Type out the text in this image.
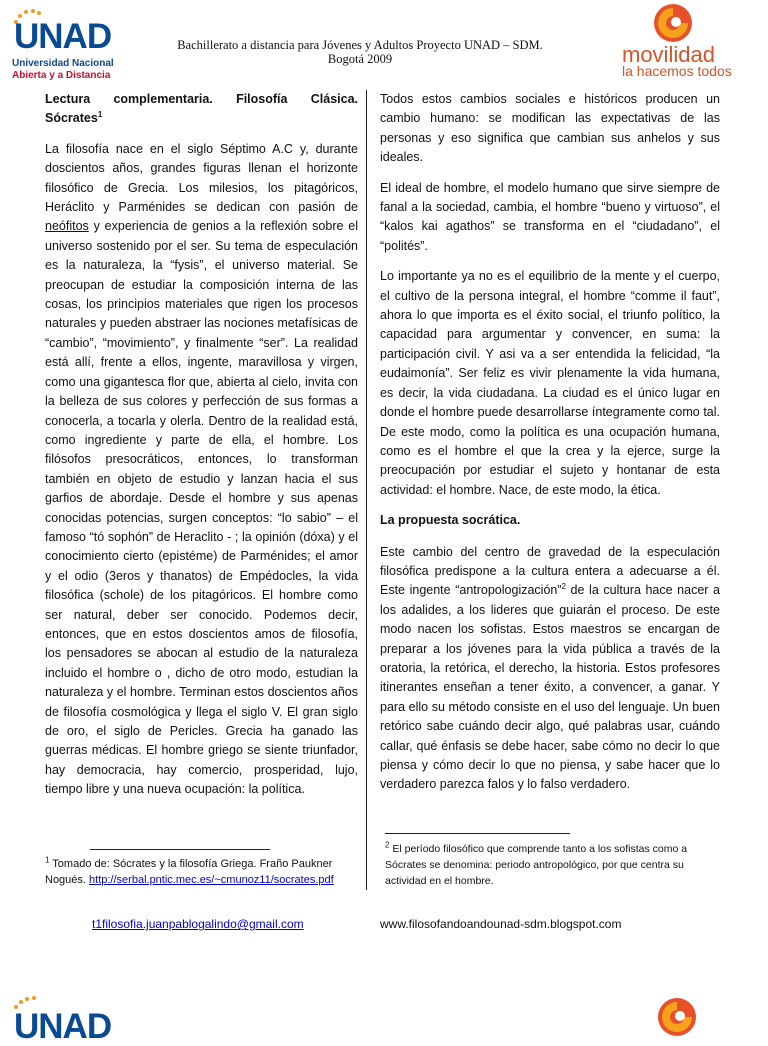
UNAD
Universidad Nacional
Abierta y a Distancia
Bachillerato a distancia para Jóvenes y Adultos Proyecto UNAD – SDM.
Bogotá 2009	movilidad
la hacemos todos
Lectura complementaria. Filosofía Clásica. Sócrates$^1$

La filosofía nace en el siglo Séptimo A.C y, durante doscientos años, grandes figuras llenan el horizonte filosófico de Grecia. Los milesios, los pitagóricos, Heráclito y Parménides se dedican con pasión de neófitos y experiencia de genios a la reflexión sobre el universo sostenido por el ser. Su tema de especulación es la naturaleza, la “fysis”, el universo material. Se preocupan de estudiar la composición interna de las cosas, los principios materiales que rigen los procesos naturales y pueden abstraer las nociones metafísicas de “cambio”, “movimiento”, y finalmente “ser”. La realidad está allí, frente a ellos, ingente, maravillosa y virgen, como una gigantesca flor que, abierta al cielo, invita con la belleza de sus colores y perfección de sus formas a conocerla, a tocarla y olerla. Dentro de la realidad está, como ingrediente y parte de ella, el hombre. Los filósofos presocráticos, entonces, lo transforman también en objeto de estudio y lanzan hacia el sus garfios de abordaje. Desde el hombre y sus apenas conocidas potencias, surgen conceptos: “lo sabio” – el famoso “tó sophón” de Heraclito - ; la opinión (dóxa) y el conocimiento cierto (epistéme) de Parménides; el amor y el odio (3eros y thanatos) de Empédocles, la vida filosófica (schole) de los pitagóricos. El hombre como ser natural, deber ser conocido. Podemos decir, entonces, que en estos doscientos amos de filosofía, los pensadores se abocan al estudio de la naturaleza incluido el hombre o , dicho de otro modo, estudian la naturaleza y el hombre. Terminan estos doscientos años de filosofía cosmológica y llega el siglo V. El gran siglo de oro, el siglo de Pericles. Grecia ha ganado las guerras médicas. El hombre griego se siente triunfador, hay democracia, hay comercio, prosperidad, lujo, tiempo libre y una nueva ocupación: la política.

Todos estos cambios sociales e históricos producen un cambio humano: se modifican las expectativas de las personas y eso significa que cambian sus anhelos y sus ideales.

El ideal de hombre, el modelo humano que sirve siempre de fanal a la sociedad, cambia, el hombre “bueno y virtuoso”, el “kalos kai agathos” se transforma en el “ciudadano”, el “polités”.

Lo importante ya no es el equilibrio de la mente y el cuerpo, el cultivo de la persona integral, el hombre “comme il faut”, ahora lo que importa es el éxito social, el triunfo político, la capacidad para argumentar y convencer, en suma: la participación civil. Y asi va a ser entendida la felicidad, “la eudaimonía”. Ser feliz es vivir plenamente la vida humana, es decir, la vida ciudadana. La ciudad es el único lugar en donde el hombre puede desarrollarse íntegramente como tal. De este modo, como la política es una ocupación humana, como es el hombre el que la crea y la ejerce, surge la preocupación por estudiar el sujeto y hontanar de esta actividad: el hombre. Nace, de este modo, la ética.

La propuesta socrática.

Este cambio del centro de gravedad de la especulación filosófica predispone a la cultura entera a adecuarse a él. Este ingente “antropologización”$^2$ de la cultura hace nacer a los adalides, a los lideres que guiarán el proceso. De este modo nacen los sofistas. Estos maestros se encargan de preparar a los jóvenes para la vida pública a través de la oratoria, la retórica, el derecho, la historia. Estos profesores itinerantes enseñan a tener éxito, a convencer, a ganar. Y para ello su método consiste en el uso del lenguaje. Un buen retórico sabe cuándo decir algo, qué palabras usar, cuándo callar, qué énfasis se debe hacer, sabe cómo no decir lo que piensa y cómo decir lo que no piensa, y sabe hacer que lo verdadero parezca falos y lo falso verdadero.

$^1$ Tomado de: Sócrates y la filosofía Griega. Fraño Paukner Nogués. http://serbal.pntic.mec.es/~cmunoz11/socrates.pdf
$^2$ El período filosófico que comprende tanto a los sofistas como a Sócrates se denomina: periodo antropológico, por que centra su actividad en el hombre.
t1filosofia.juanpablogalindo@gmail.com	www.filosofandoandounad-sdm.blogspot.com
UNAD
